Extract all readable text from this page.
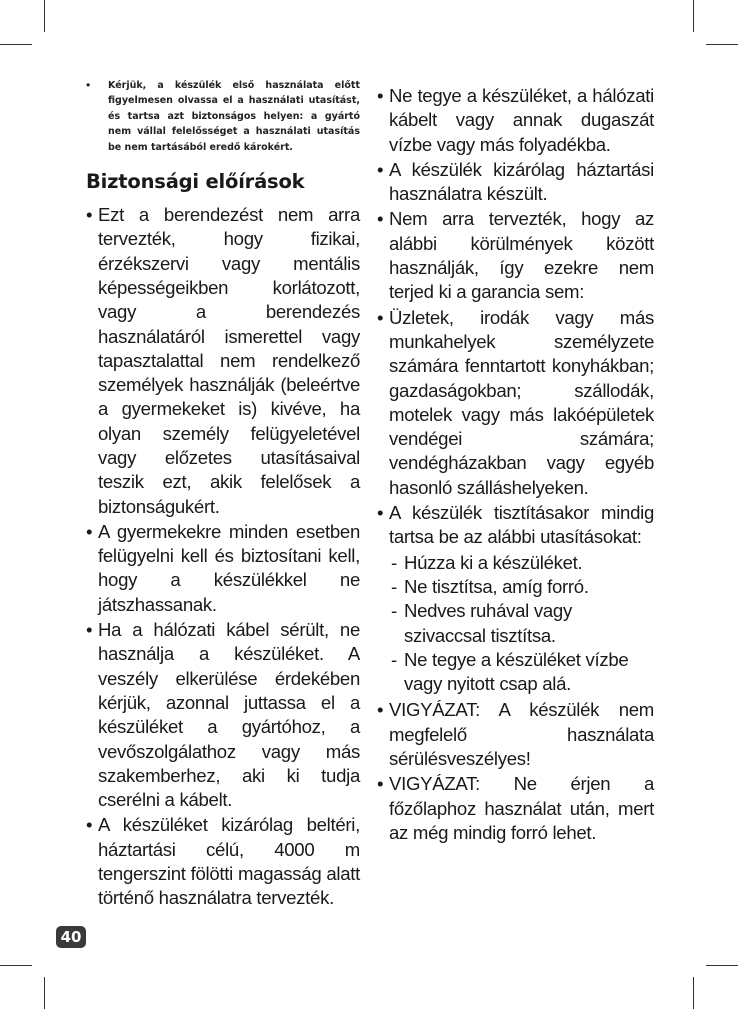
•	Kérjük, a készülék első használata előtt figyelmesen olvassa el a használati utasítást, és tartsa azt biztonságos helyen: a gyártó nem vállal felelősséget a használati utasítás be nem tartásából eredő károkért.
Biztonsági előírások
• Ezt a berendezést nem arra tervezték, hogy fizikai, érzékszervi vagy mentális képességeikben korlátozott, vagy a berendezés használatáról ismerettel vagy tapasztalattal nem rendelkező személyek használják (beleértve a gyermekeket is) kivéve, ha olyan személy felügyeletével vagy előzetes utasításaival teszik ezt, akik felelősek a biztonságukért.
• A gyermekekre minden esetben felügyelni kell és biztosítani kell, hogy a készülékkel ne játszhassanak.
• Ha a hálózati kábel sérült, ne használja a készüléket. A veszély elkerülése érdekében kérjük, azonnal juttassa el a készüléket a gyártóhoz, a vevőszolgálathoz vagy más szakemberhez, aki ki tudja cserélni a kábelt.
• A készüléket kizárólag beltéri, háztartási célú, 4000 m tengerszint fölötti magasság alatt történő használatra tervezték.
• Ne tegye a készüléket, a hálózati kábelt vagy annak dugaszát vízbe vagy más folyadékba.
• A készülék kizárólag háztartási használatra készült.
• Nem arra tervezték, hogy az alábbi körülmények között használják, így ezekre nem terjed ki a garancia sem:
• Üzletek, irodák vagy más munkahelyek személyzete számára fenntartott konyhákban; gazdaságokban; szállodák, motelek vagy más lakóépületek vendégei számára; vendégházakban vagy egyéb hasonló szálláshelyeken.
• A készülék tisztításakor mindig tartsa be az alábbi utasításokat:
- Húzza ki a készüléket.
- Ne tisztítsa, amíg forró.
- Nedves ruhával vagy szivaccsal tisztítsa.
- Ne tegye a készüléket vízbe vagy nyitott csap alá.
• VIGYÁZAT: A készülék nem megfelelő használata sérülésveszélyes!
• VIGYÁZAT: Ne érjen a főzőlaphoz használat után, mert az még mindig forró lehet.
40
